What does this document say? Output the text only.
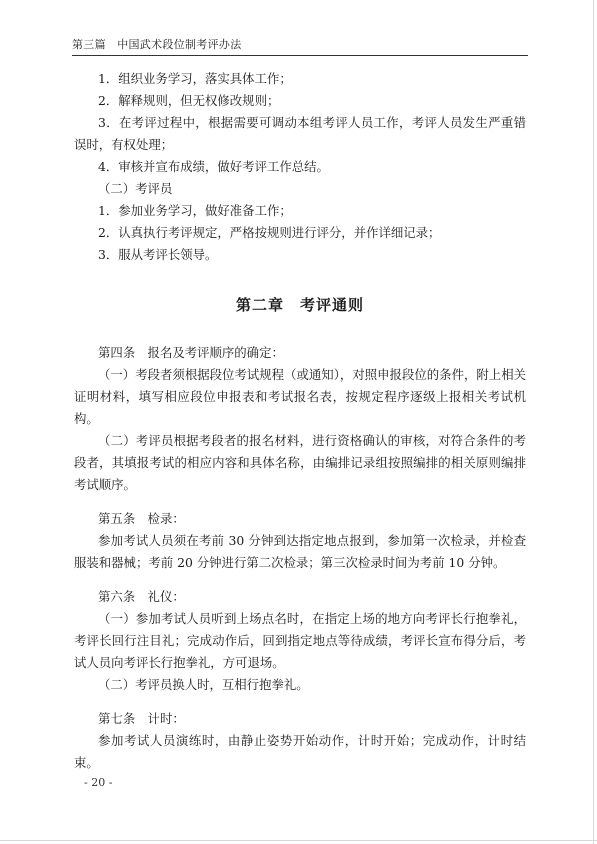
第三篇　中国武术段位制考评办法

1．组织业务学习，落实具体工作；

2．解释规则，但无权修改规则；

3．在考评过程中，根据需要可调动本组考评人员工作，考评人员发生严重错误时，有权处理；

4．审核并宣布成绩，做好考评工作总结。

（二）考评员

1．参加业务学习，做好准备工作；

2．认真执行考评规定，严格按规则进行评分，并作详细记录；

3．服从考评长领导。

第二章　考评通则

第四条　报名及考评顺序的确定：

（一）考段者须根据段位考试规程（或通知），对照申报段位的条件，附上相关证明材料，填写相应段位申报表和考试报名表，按规定程序逐级上报相关考试机构。

（二）考评员根据考段者的报名材料，进行资格确认的审核，对符合条件的考段者，其填报考试的相应内容和具体名称，由编排记录组按照编排的相关原则编排考试顺序。

第五条　检录：

参加考试人员须在考前 30 分钟到达指定地点报到，参加第一次检录，并检查服装和器械；考前 20 分钟进行第二次检录；第三次检录时间为考前 10 分钟。

第六条　礼仪：

（一）参加考试人员听到上场点名时，在指定上场的地方向考评长行抱拳礼，考评长回行注目礼；完成动作后，回到指定地点等待成绩，考评长宣布得分后，考试人员向考评长行抱拳礼，方可退场。

（二）考评员换人时，互相行抱拳礼。

第七条　计时：

参加考试人员演练时，由静止姿势开始动作，计时开始；完成动作，计时结束。

- 20 -
